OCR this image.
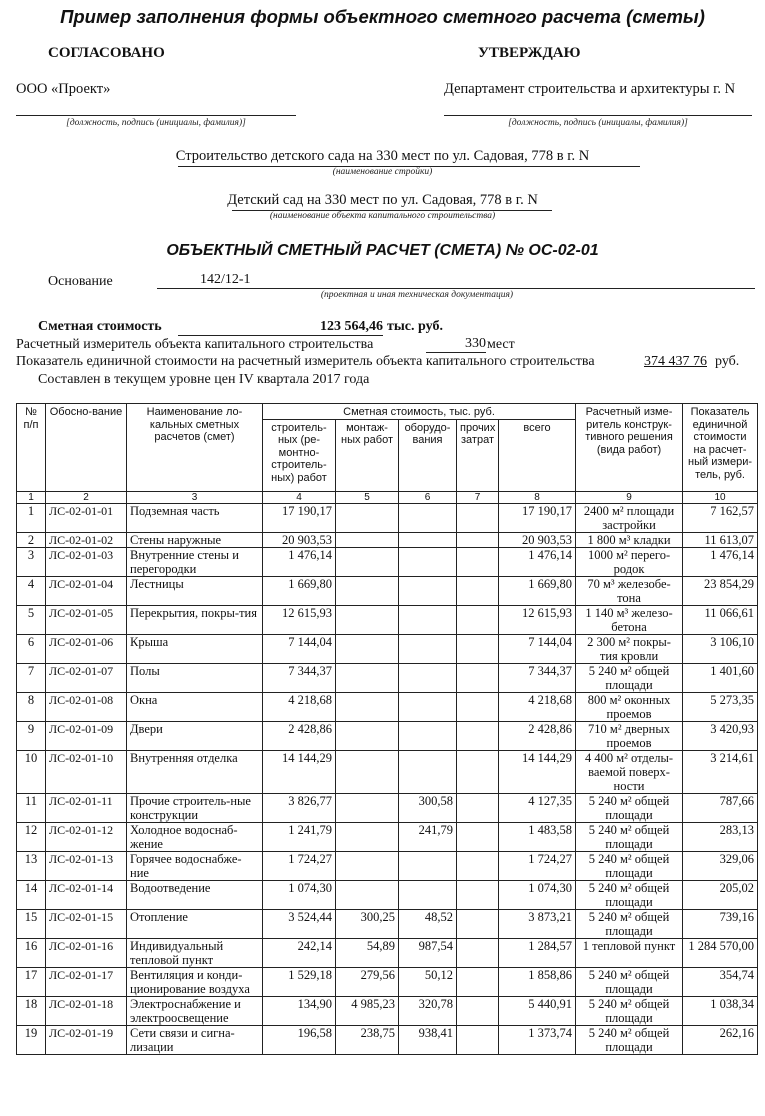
Пример заполнения формы объектного сметного расчета (сметы)
СОГЛАСОВАНО	УТВЕРЖДАЮ
ООО «Проект»	Департамент строительства и архитектуры г. N
[должность, подпись (инициалы, фамилия)]	[должность, подпись (инициалы, фамилия)]
Строительство детского сада на 330 мест по ул. Садовая, 778 в г. N
(наименование стройки)
Детский сад на 330 мест по ул. Садовая, 778 в г. N
(наименование объекта капитального строительства)
ОБЪЕКТНЫЙ СМЕТНЫЙ РАСЧЕТ (СМЕТА) № ОС-02-01
Основание	142/12-1
(проектная и иная техническая документация)
Сметная стоимость	123 564,46 тыс. руб.
Расчетный измеритель объекта капитального строительства	330 мест
Показатель единичной стоимости на расчетный измеритель объекта капитального строительства	374 437 76 руб.
Составлен в текущем уровне цен IV квартала 2017 года
№ п/п	Обосно-вание	Наименование ло-кальных сметных расчетов (смет)	Сметная стоимость, тыс. руб.					Расчетный изме-ритель конструк-тивного решения (вида работ)	Показатель единичной стоимости на расчет-ный измери-тель, руб.
			строитель-ных (ре-монтно-строитель-ных) работ	монтаж-ных работ	оборудо-вания	прочих затрат	всего		
1	2	3	4	5	6	7	8	9	10
1	ЛС-02-01-01	Подземная часть	17 190,17				17 190,17	2400 м² площади застройки	7 162,57
2	ЛС-02-01-02	Стены наружные	20 903,53				20 903,53	1 800 м³ кладки	11 613,07
3	ЛС-02-01-03	Внутренние стены и перегородки	1 476,14				1 476,14	1000 м² перего-родок	1 476,14
4	ЛС-02-01-04	Лестницы	1 669,80				1 669,80	70 м³ железобе-тона	23 854,29
5	ЛС-02-01-05	Перекрытия, покры-тия	12 615,93				12 615,93	1 140 м³ железо-бетона	11 066,61
6	ЛС-02-01-06	Крыша	7 144,04				7 144,04	2 300 м² покры-тия кровли	3 106,10
7	ЛС-02-01-07	Полы	7 344,37				7 344,37	5 240 м² общей площади	1 401,60
8	ЛС-02-01-08	Окна	4 218,68				4 218,68	800 м² оконных проемов	5 273,35
9	ЛС-02-01-09	Двери	2 428,86				2 428,86	710 м² дверных проемов	3 420,93
10	ЛС-02-01-10	Внутренняя отделка	14 144,29				14 144,29	4 400 м² отделы-ваемой поверх-ности	3 214,61
11	ЛС-02-01-11	Прочие строитель-ные конструкции	3 826,77		300,58		4 127,35	5 240 м² общей площади	787,66
12	ЛС-02-01-12	Холодное водоснаб-жение	1 241,79		241,79		1 483,58	5 240 м² общей площади	283,13
13	ЛС-02-01-13	Горячее водоснабже-ние	1 724,27				1 724,27	5 240 м² общей площади	329,06
14	ЛС-02-01-14	Водоотведение	1 074,30				1 074,30	5 240 м² общей площади	205,02
15	ЛС-02-01-15	Отопление	3 524,44	300,25	48,52		3 873,21	5 240 м² общей площади	739,16
16	ЛС-02-01-16	Индивидуальный тепловой пункт	242,14	54,89	987,54		1 284,57	1 тепловой пункт	1 284 570,00
17	ЛС-02-01-17	Вентиляция и конди-ционирование воздуха	1 529,18	279,56	50,12		1 858,86	5 240 м² общей площади	354,74
18	ЛС-02-01-18	Электроснабжение и электроосвещение	134,90	4 985,23	320,78		5 440,91	5 240 м² общей площади	1 038,34
19	ЛС-02-01-19	Сети связи и сигна-лизации	196,58	238,75	938,41		1 373,74	5 240 м² общей площади	262,16
